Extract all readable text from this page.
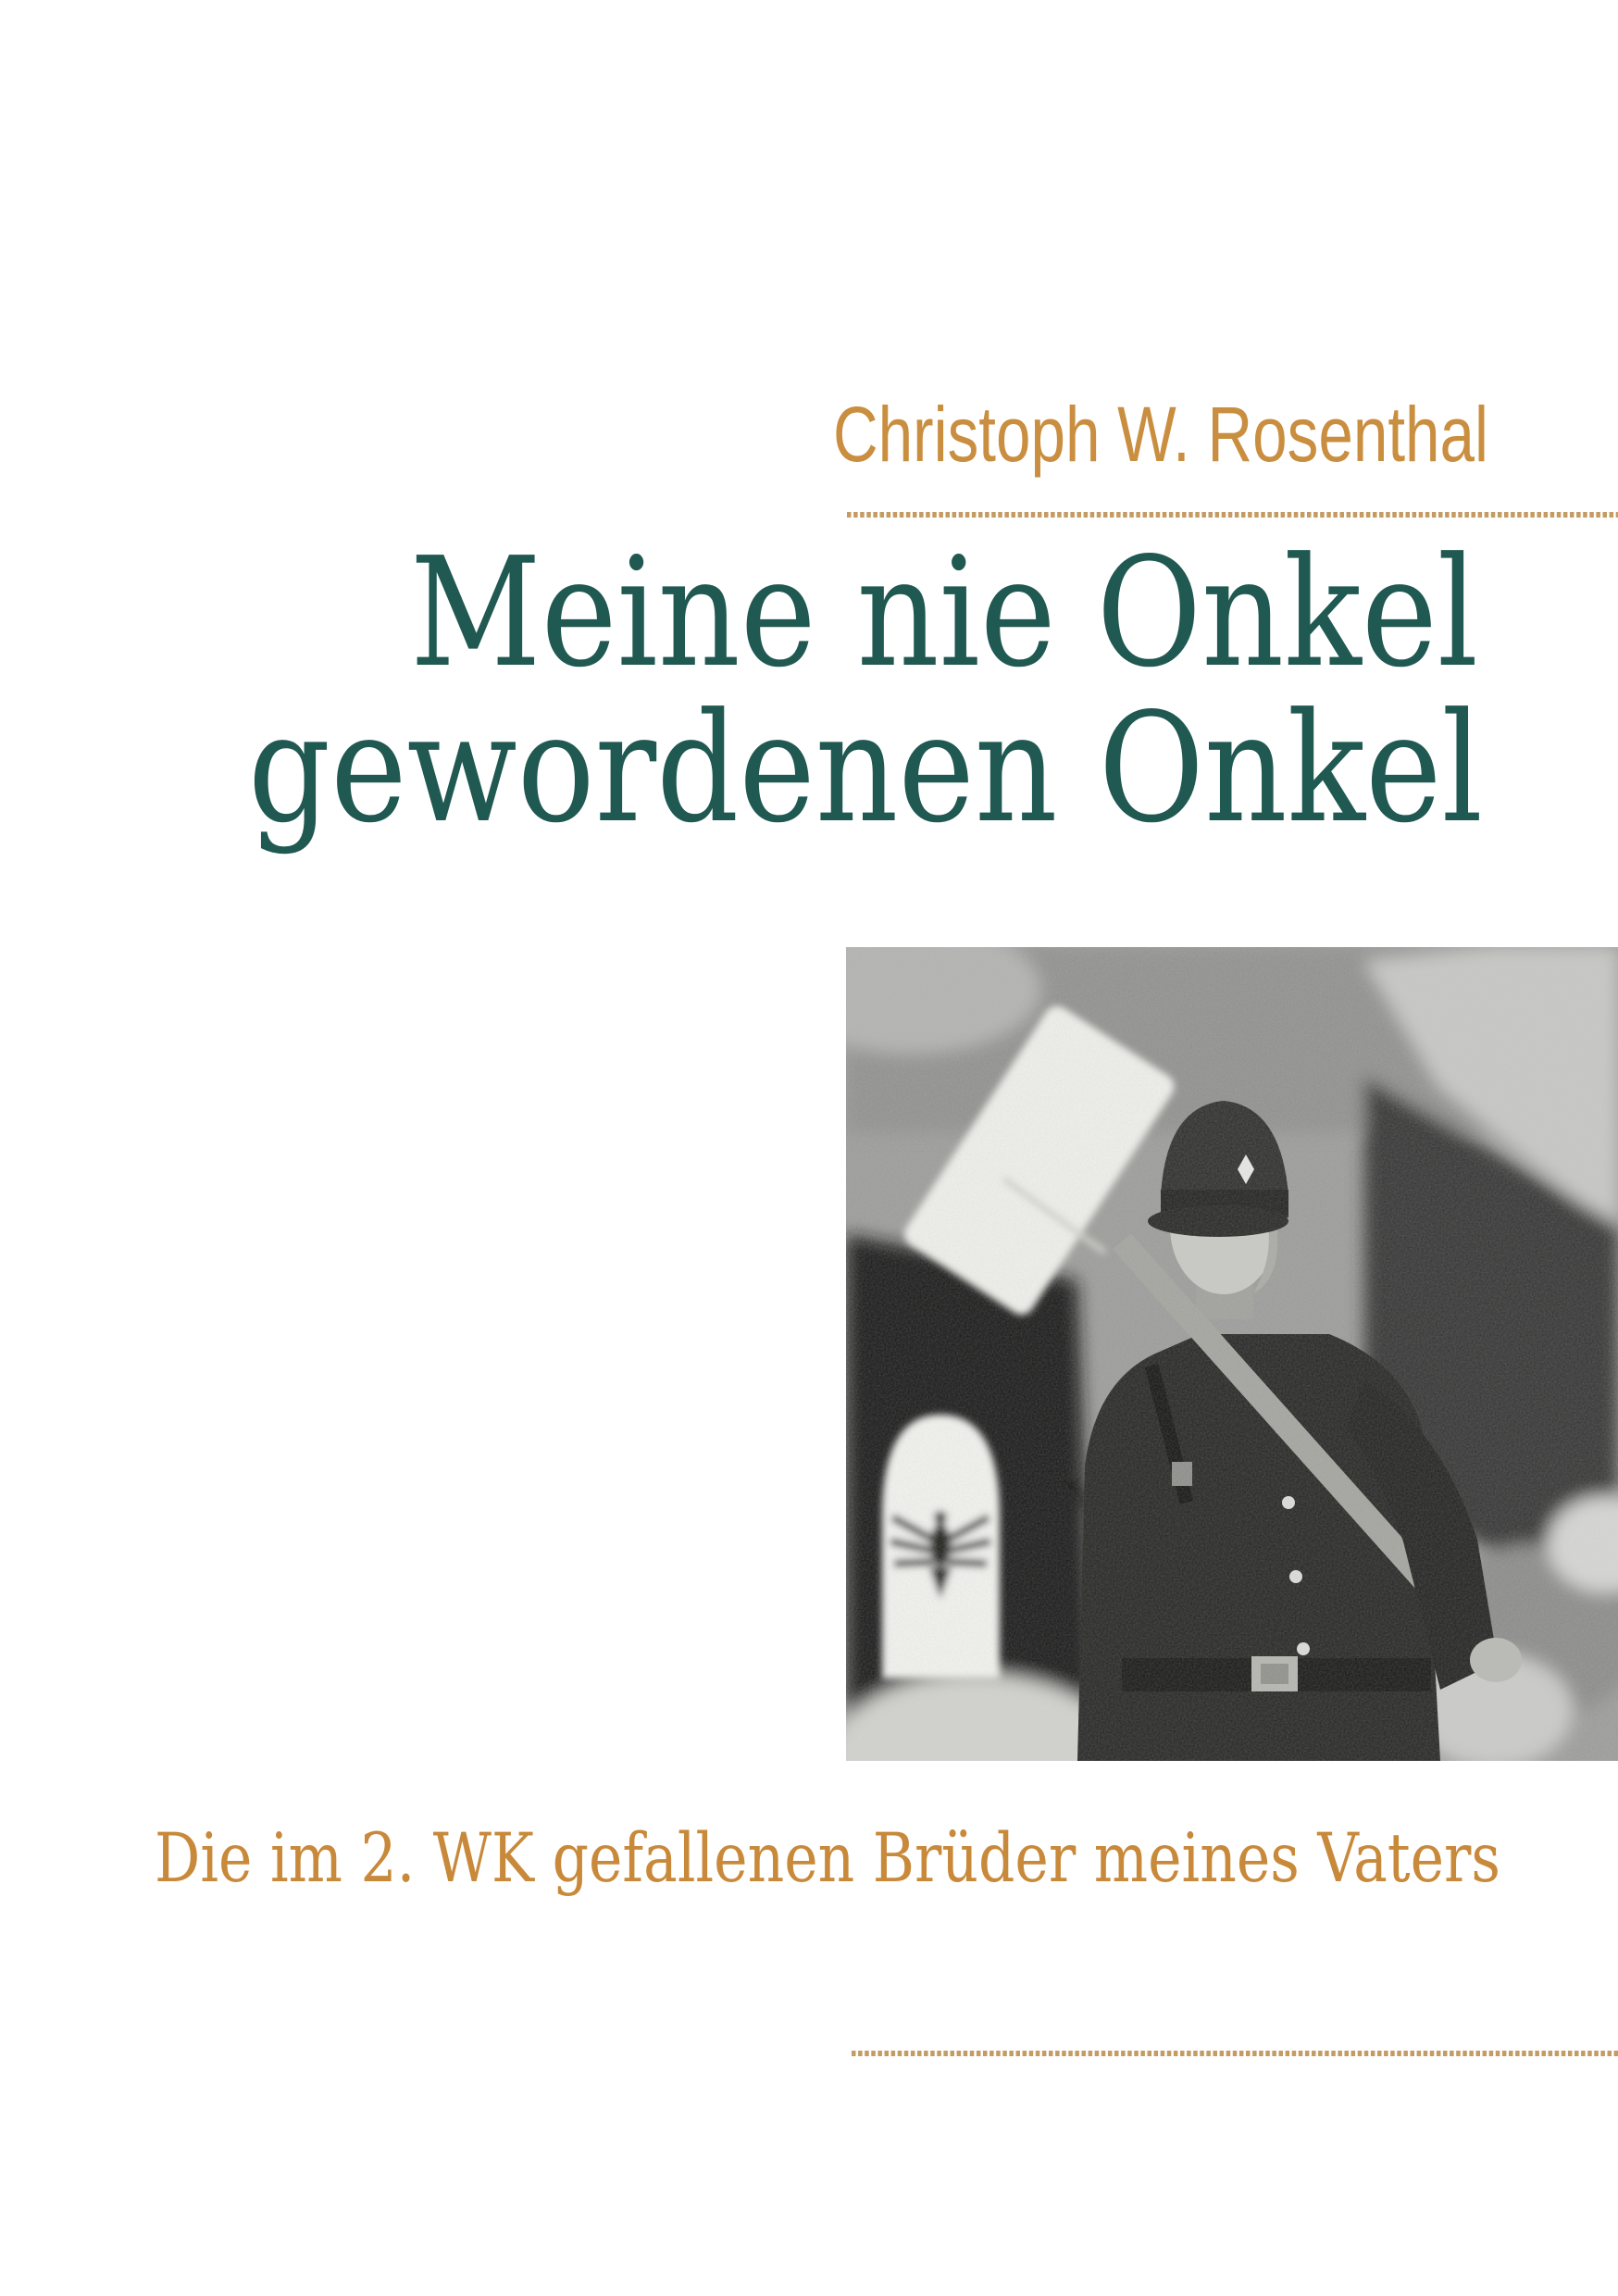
Christoph W. Rosenthal
Meine nie Onkel
gewordenen Onkel
Die im 2. WK gefallenen Brüder meines Vaters
